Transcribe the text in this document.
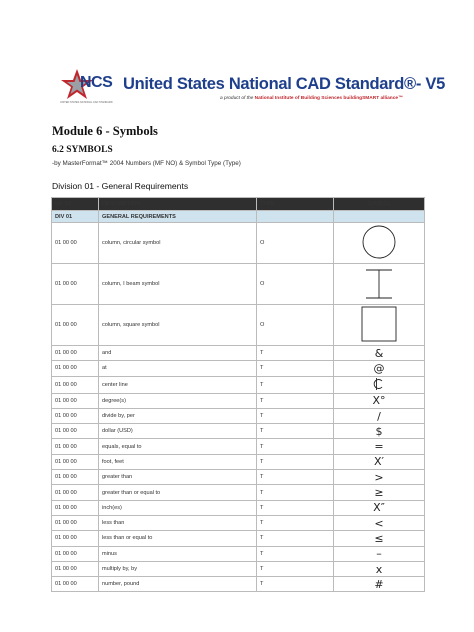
NCS
UNITED STATES NATIONAL CAD STANDARD
United States National CAD Standard®- V5
a product of the National Institute of Building Sciences buildingSMART alliance™
Module 6 - Symbols
6.2 SYMBOLS
-by MasterFormat™ 2004 Numbers (MF NO) & Symbol Type (Type)
Division 01 - General Requirements
MF NO	DESCRIPTION	TYPE	SYMBOL
DIV 01	GENERAL REQUIREMENTS		
01 00 00	column, circular symbol	O	
01 00 00	column, I beam symbol	O	
01 00 00	column, square symbol	O	
01 00 00	and	T	&
01 00 00	at	T	@
01 00 00	center line	T	
01 00 00	degree(s)	T	X°
01 00 00	divide by, per	T	/
01 00 00	dollar (USD)	T	$
01 00 00	equals, equal to	T	=
01 00 00	foot, feet	T	X′
01 00 00	greater than	T	>
01 00 00	greater than or equal to	T	≥
01 00 00	inch(es)	T	X″
01 00 00	less than	T	<
01 00 00	less than or equal to	T	≤
01 00 00	minus	T	–
01 00 00	multiply by, by	T	x
01 00 00	number, pound	T	#
